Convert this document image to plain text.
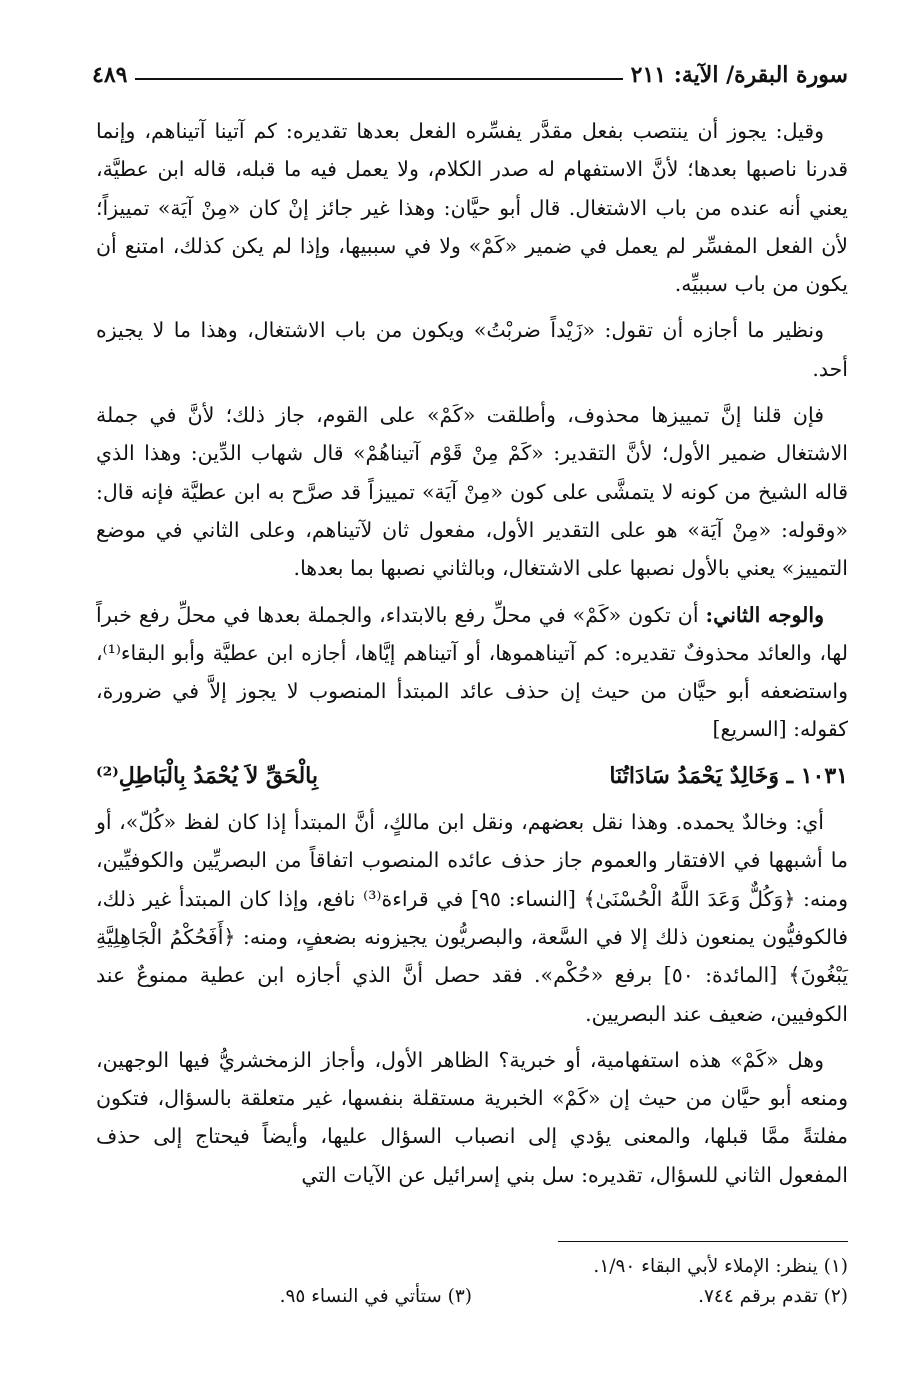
سورة البقرة/ الآية: ٢١١
٤٨٩

وقيل: يجوز أن ينتصب بفعل مقدَّر يفسِّره الفعل بعدها تقديره: كم آتينا آتيناهم، وإنما قدرنا ناصبها بعدها؛ لأنَّ الاستفهام له صدر الكلام، ولا يعمل فيه ما قبله، قاله ابن عطيَّة، يعني أنه عنده من باب الاشتغال. قال أبو حيَّان: وهذا غير جائز إنْ كان «مِنْ آيَة» تمييزاً؛ لأن الفعل المفسِّر لم يعمل في ضمير «كَمْ» ولا في سببيها، وإذا لم يكن كذلك، امتنع أن يكون من باب سببيِّه.

ونظير ما أجازه أن تقول: «زَيْداً ضربْتُ» ويكون من باب الاشتغال، وهذا ما لا يجيزه أحد.

فإن قلنا إنَّ تمييزها محذوف، وأطلقت «كَمْ» على القوم، جاز ذلك؛ لأنَّ في جملة الاشتغال ضمير الأول؛ لأنَّ التقدير: «كَمْ مِنْ قَوْم آتيناهُمْ» قال شهاب الدِّين: وهذا الذي قاله الشيخ من كونه لا يتمشَّى على كون «مِنْ آيَة» تمييزاً قد صرَّح به ابن عطيَّة فإنه قال: «وقوله: «مِنْ آيَة» هو على التقدير الأول، مفعول ثان لآتيناهم، وعلى الثاني في موضع التمييز» يعني بالأول نصبها على الاشتغال، وبالثاني نصبها بما بعدها.

والوجه الثاني: أن تكون «كَمْ» في محلِّ رفع بالابتداء، والجملة بعدها في محلِّ رفع خبراً لها، والعائد محذوفٌ تقديره: كم آتيناهموها، أو آتيناهم إيَّاها، أجازه ابن عطيَّة وأبو البقاء⁽¹⁾، واستضعفه أبو حيَّان من حيث إن حذف عائد المبتدأ المنصوب لا يجوز إلاَّ في ضرورة، كقوله: [السريع]

١٠٣١ ـ وَخَالِدٌ يَحْمَدُ سَادَاتُنَا
بِالْحَقِّ لاَ يُحْمَدُ بِالْبَاطِلِ⁽²⁾

أي: وخالدٌ يحمده. وهذا نقل بعضهم، ونقل ابن مالكٍ، أنَّ المبتدأ إذا كان لفظ «كُلّ»، أو ما أشبهها في الافتقار والعموم جاز حذف عائده المنصوب اتفاقاً من البصريِّين والكوفيِّين، ومنه: ﴿وَكُلٌّ وَعَدَ اللَّهُ الْحُسْنَىٰ﴾ [النساء: ٩٥] في قراءة⁽³⁾ نافع، وإذا كان المبتدأ غير ذلك، فالكوفيُّون يمنعون ذلك إلا في السَّعة، والبصريُّون يجيزونه بضعفٍ، ومنه: ﴿أَفَحُكْمُ الْجَاهِلِيَّةِ يَبْغُونَ﴾ [المائدة: ٥٠] برفع «حُكْم». فقد حصل أنَّ الذي أجازه ابن عطية ممنوعٌ عند الكوفيين، ضعيف عند البصريين.

وهل «كَمْ» هذه استفهامية، أو خبرية؟ الظاهر الأول، وأجاز الزمخشريُّ فيها الوجهين، ومنعه أبو حيَّان من حيث إن «كَمْ» الخبرية مستقلة بنفسها، غير متعلقة بالسؤال، فتكون مفلتةً ممَّا قبلها، والمعنى يؤدي إلى انصباب السؤال عليها، وأيضاً فيحتاج إلى حذف المفعول الثاني للسؤال، تقديره: سل بني إسرائيل عن الآيات التي

(١) ينظر: الإملاء لأبي البقاء ١/٩٠.
(٢) تقدم برقم ٧٤٤.
(٣) ستأتي في النساء ٩٥.
